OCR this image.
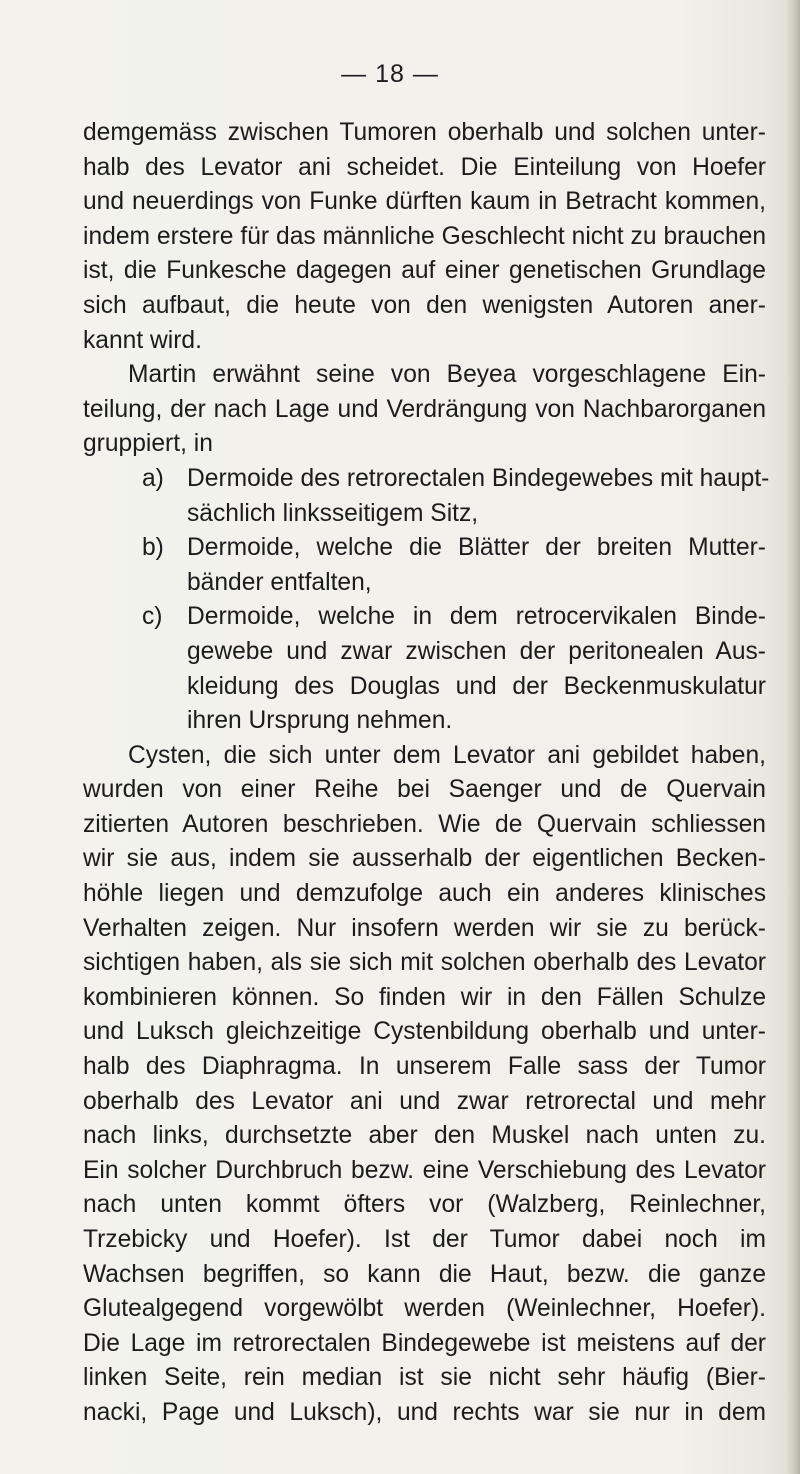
— 18 —
demgemäss zwischen Tumoren oberhalb und solchen unter-
halb des Levator ani scheidet. Die Einteilung von Hoefer
und neuerdings von Funke dürften kaum in Betracht kommen,
indem erstere für das männliche Geschlecht nicht zu brauchen
ist, die Funkesche dagegen auf einer genetischen Grundlage
sich aufbaut, die heute von den wenigsten Autoren aner-
kannt wird.
Martin erwähnt seine von Beyea vorgeschlagene Ein-
teilung, der nach Lage und Verdrängung von Nachbarorganen
gruppiert, in
a) Dermoide des retrorectalen Bindegewebes mit haupt-
sächlich linksseitigem Sitz,
b) Dermoide, welche die Blätter der breiten Mutter-
bänder entfalten,
c) Dermoide, welche in dem retrocervikalen Binde-
gewebe und zwar zwischen der peritonealen Aus-
kleidung des Douglas und der Beckenmuskulatur
ihren Ursprung nehmen.
Cysten, die sich unter dem Levator ani gebildet haben,
wurden von einer Reihe bei Saenger und de Quervain
zitierten Autoren beschrieben. Wie de Quervain schliessen
wir sie aus, indem sie ausserhalb der eigentlichen Becken-
höhle liegen und demzufolge auch ein anderes klinisches
Verhalten zeigen. Nur insofern werden wir sie zu berück-
sichtigen haben, als sie sich mit solchen oberhalb des Levator
kombinieren können. So finden wir in den Fällen Schulze
und Luksch gleichzeitige Cystenbildung oberhalb und unter-
halb des Diaphragma. In unserem Falle sass der Tumor
oberhalb des Levator ani und zwar retrorectal und mehr
nach links, durchsetzte aber den Muskel nach unten zu.
Ein solcher Durchbruch bezw. eine Verschiebung des Levator
nach unten kommt öfters vor (Walzberg, Reinlechner,
Trzebicky und Hoefer). Ist der Tumor dabei noch im
Wachsen begriffen, so kann die Haut, bezw. die ganze
Glutealgegend vorgewölbt werden (Weinlechner, Hoefer).
Die Lage im retrorectalen Bindegewebe ist meistens auf der
linken Seite, rein median ist sie nicht sehr häufig (Bier-
nacki, Page und Luksch), und rechts war sie nur in dem
